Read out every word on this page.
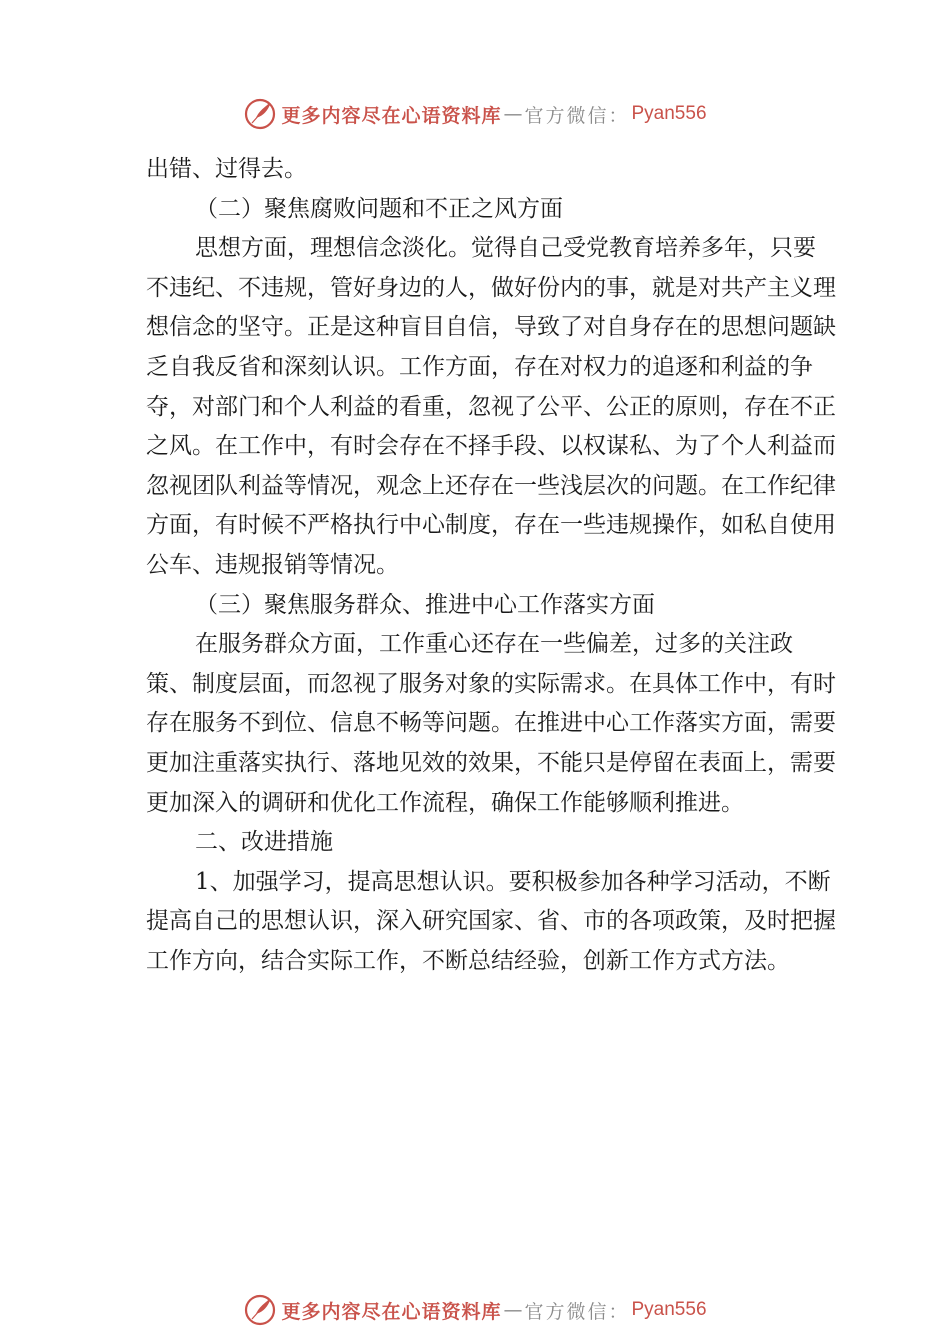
更多内容尽在心语资料库 — 官方微信： Pyan556

出错、过得去。

（二）聚焦腐败问题和不正之风方面

思想方面，理想信念淡化。觉得自己受党教育培养多年，只要不违纪、不违规，管好身边的人，做好份内的事，就是对共产主义理想信念的坚守。正是这种盲目自信，导致了对自身存在的思想问题缺乏自我反省和深刻认识。工作方面，存在对权力的追逐和利益的争夺，对部门和个人利益的看重，忽视了公平、公正的原则，存在不正之风。在工作中，有时会存在不择手段、以权谋私、为了个人利益而忽视团队利益等情况，观念上还存在一些浅层次的问题。在工作纪律方面，有时候不严格执行中心制度，存在一些违规操作，如私自使用公车、违规报销等情况。

（三）聚焦服务群众、推进中心工作落实方面

在服务群众方面，工作重心还存在一些偏差，过多的关注政策、制度层面，而忽视了服务对象的实际需求。在具体工作中，有时存在服务不到位、信息不畅等问题。在推进中心工作落实方面，需要更加注重落实执行、落地见效的效果，不能只是停留在表面上，需要更加深入的调研和优化工作流程，确保工作能够顺利推进。

二、改进措施

1、加强学习，提高思想认识。要积极参加各种学习活动，不断提高自己的思想认识，深入研究国家、省、市的各项政策，及时把握工作方向，结合实际工作，不断总结经验，创新工作方式方法。

更多内容尽在心语资料库 — 官方微信： Pyan556
